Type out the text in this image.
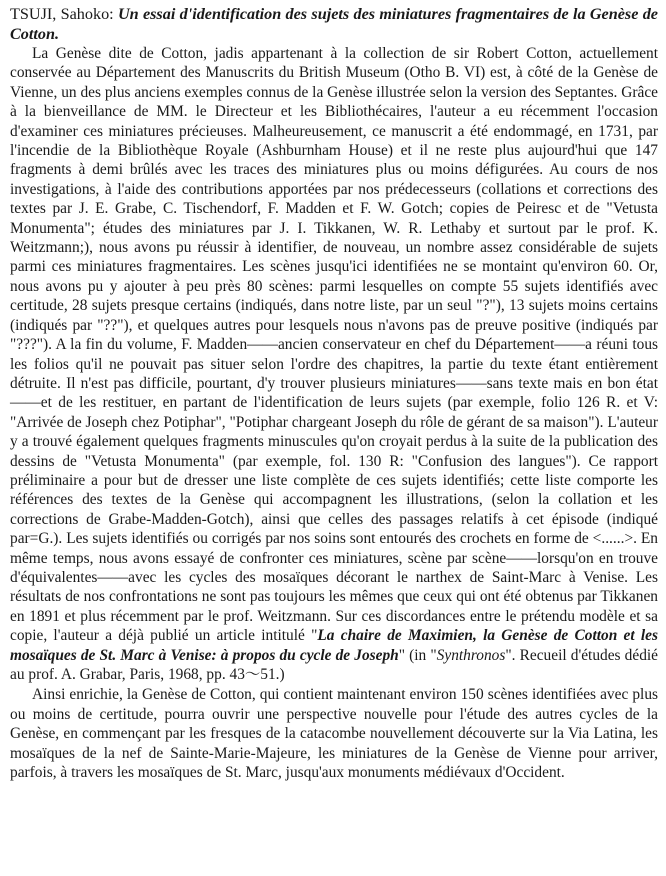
TSUJI, Sahoko: Un essai d'identification des sujets des miniatures fragmentaires de la Genèse de Cotton.

La Genèse dite de Cotton, jadis appartenant à la collection de sir Robert Cotton, actuellement conservée au Département des Manuscrits du British Museum (Otho B. VI) est, à côté de la Genèse de Vienne, un des plus anciens exemples connus de la Genèse illustrée selon la version des Septantes. Grâce à la bienveillance de MM. le Directeur et les Bibliothécaires, l'auteur a eu récemment l'occasion d'examiner ces miniatures précieuses. Malheureusement, ce manuscrit a été endommagé, en 1731, par l'incendie de la Bibliothèque Royale (Ashburnham House) et il ne reste plus aujourd'hui que 147 fragments à demi brûlés avec les traces des miniatures plus ou moins défigurées. Au cours de nos investigations, à l'aide des contributions apportées par nos prédecesseurs (collations et corrections des textes par J. E. Grabe, C. Tischendorf, F. Madden et F. W. Gotch; copies de Peiresc et de "Vetusta Monumenta"; études des miniatures par J. I. Tikkanen, W. R. Lethaby et surtout par le prof. K. Weitzmann;), nous avons pu réussir à identifier, de nouveau, un nombre assez considérable de sujets parmi ces miniatures fragmentaires. Les scènes jusqu'ici identifiées ne se montaint qu'environ 60. Or, nous avons pu y ajouter à peu près 80 scènes: parmi lesquelles on compte 55 sujets identifiés avec certitude, 28 sujets presque certains (indiqués, dans notre liste, par un seul "?"), 13 sujets moins certains (indiqués par "??"), et quelques autres pour lesquels nous n'avons pas de preuve positive (indiqués par "???"). A la fin du volume, F. Madden——ancien conservateur en chef du Département——a réuni tous les folios qu'il ne pouvait pas situer selon l'ordre des chapitres, la partie du texte étant entièrement détruite. Il n'est pas difficile, pourtant, d'y trouver plusieurs miniatures——sans texte mais en bon état——et de les restituer, en partant de l'identification de leurs sujets (par exemple, folio 126 R. et V: "Arrivée de Joseph chez Potiphar", "Potiphar chargeant Joseph du rôle de gérant de sa maison"). L'auteur y a trouvé également quelques fragments minuscules qu'on croyait perdus à la suite de la publication des dessins de "Vetusta Monumenta" (par exemple, fol. 130 R: "Confusion des langues"). Ce rapport préliminaire a pour but de dresser une liste complète de ces sujets identifiés; cette liste comporte les références des textes de la Genèse qui accompagnent les illustrations, (selon la collation et les corrections de Grabe-Madden-Gotch), ainsi que celles des passages relatifs à cet épisode (indiqué par=G.). Les sujets identifiés ou corrigés par nos soins sont entourés des crochets en forme de <......>. En même temps, nous avons essayé de confronter ces miniatures, scène par scène——lorsqu'on en trouve d'équivalentes——avec les cycles des mosaïques décorant le narthex de Saint-Marc à Venise. Les résultats de nos confrontations ne sont pas toujours les mêmes que ceux qui ont été obtenus par Tikkanen en 1891 et plus récemment par le prof. Weitzmann. Sur ces discordances entre le prétendu modèle et sa copie, l'auteur a déjà publié un article intitulé "La chaire de Maximien, la Genèse de Cotton et les mosaïques de St. Marc à Venise: à propos du cycle de Joseph" (in "Synthronos". Recueil d'études dédié au prof. A. Grabar, Paris, 1968, pp. 43～51.)

Ainsi enrichie, la Genèse de Cotton, qui contient maintenant environ 150 scènes identifiées avec plus ou moins de certitude, pourra ouvrir une perspective nouvelle pour l'étude des autres cycles de la Genèse, en commençant par les fresques de la catacombe nouvellement découverte sur la Via Latina, les mosaïques de la nef de Sainte-Marie-Majeure, les miniatures de la Genèse de Vienne pour arriver, parfois, à travers les mosaïques de St. Marc, jusqu'aux monuments médiévaux d'Occident.
